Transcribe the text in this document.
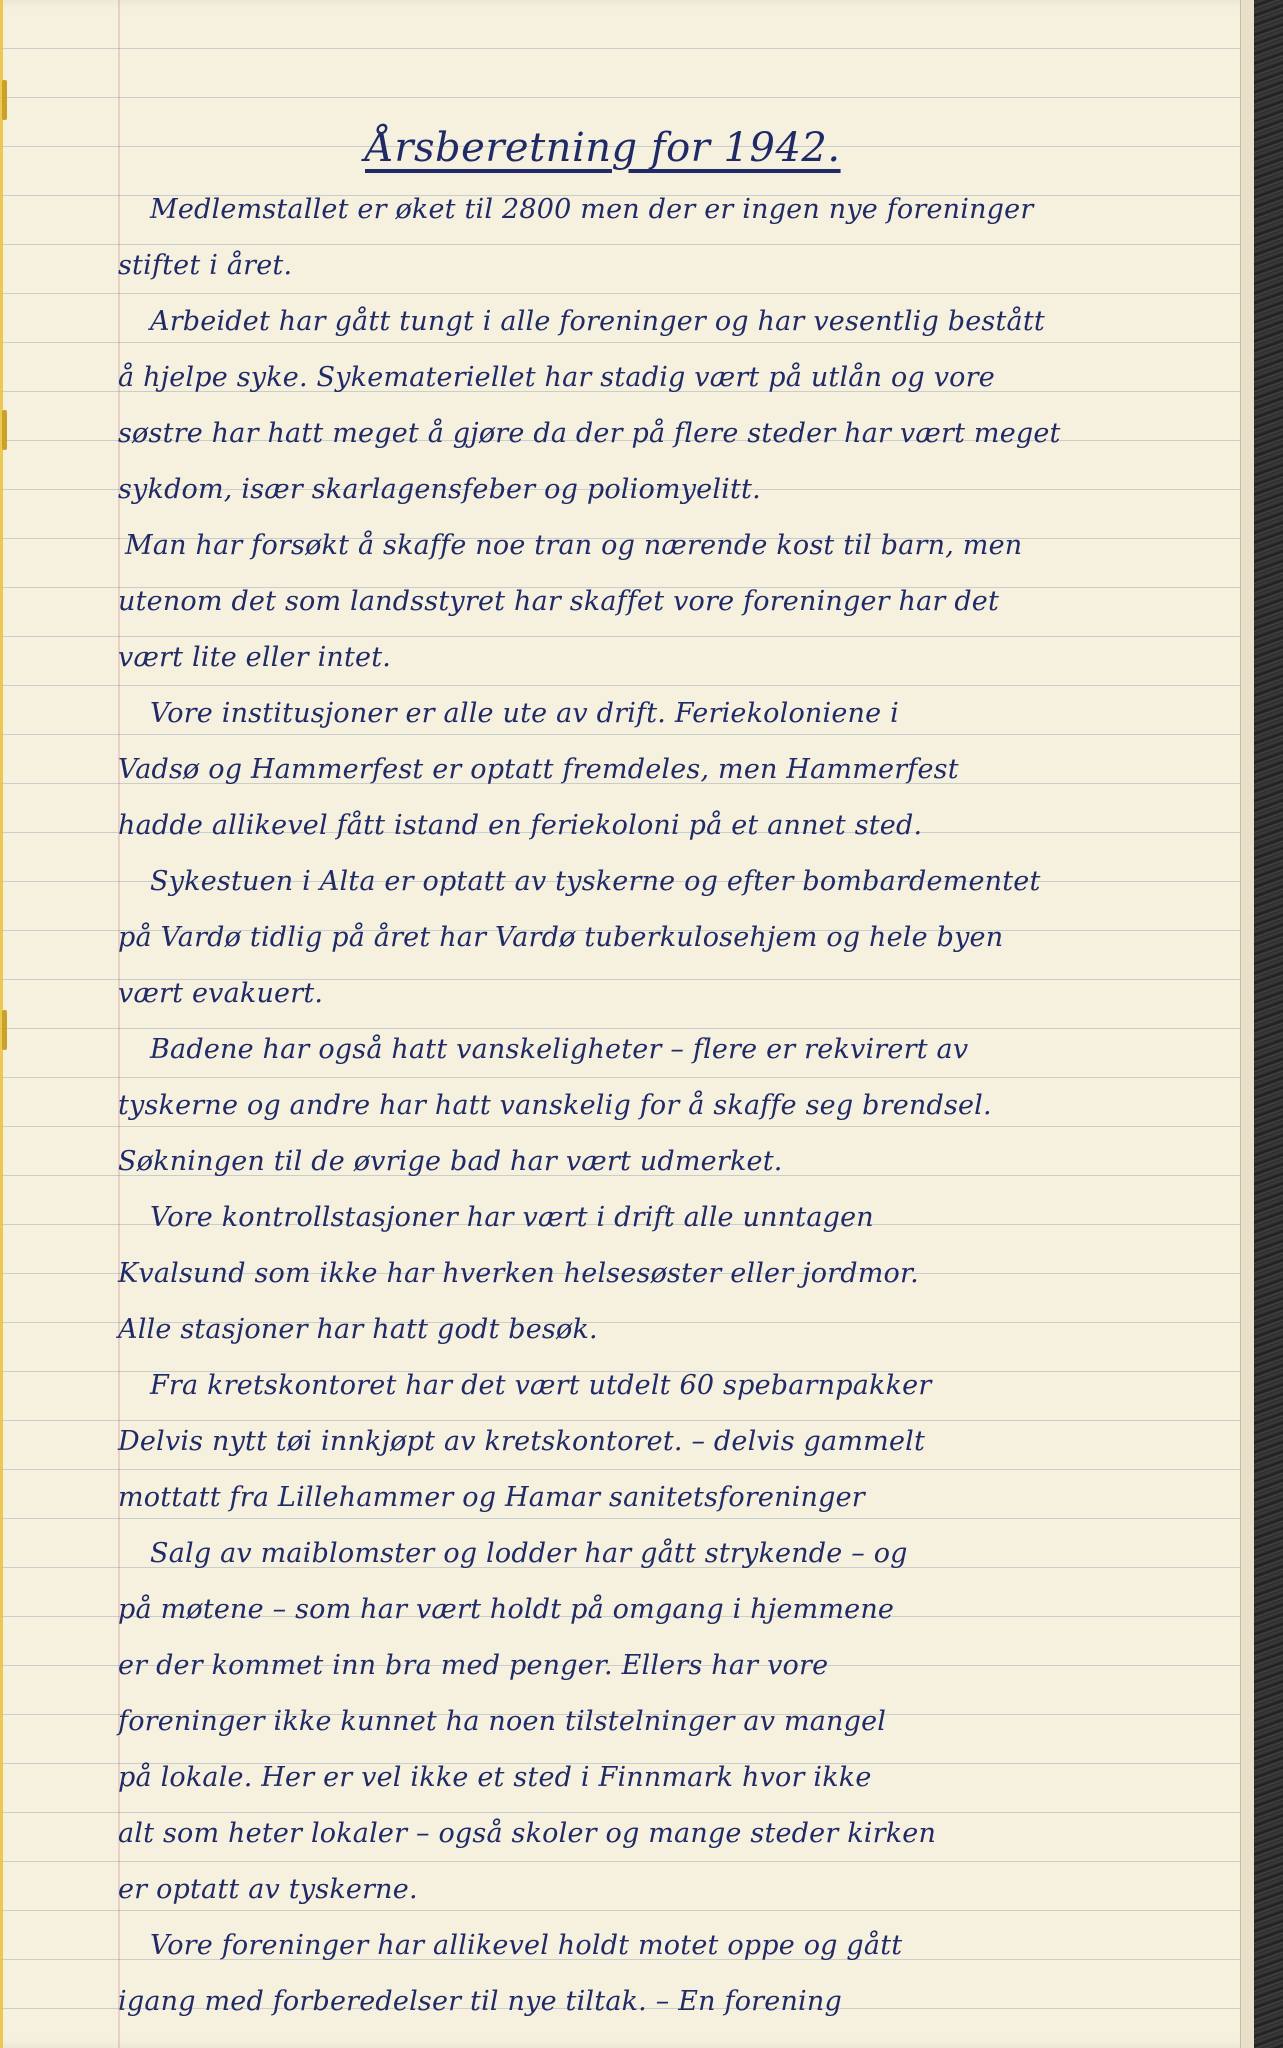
Årsberetning for 1942.
Medlemstallet er øket til 2800 men der er ingen nye foreninger
stiftet i året.
Arbeidet har gått tungt i alle foreninger og har vesentlig bestått
å hjelpe syke. Sykemateriellet har stadig vært på utlån og vore
søstre har hatt meget å gjøre da der på flere steder har vært meget
sykdom, især skarlagensfeber og poliomyelitt.
Man har forsøkt å skaffe noe tran og nærende kost til barn, men
utenom det som landsstyret har skaffet vore foreninger har det
vært lite eller intet.
Vore institusjoner er alle ute av drift. Feriekoloniene i
Vadsø og Hammerfest er optatt fremdeles, men Hammerfest
hadde allikevel fått istand en feriekoloni på et annet sted.
Sykestuen i Alta er optatt av tyskerne og efter bombardementet
på Vardø tidlig på året har Vardø tuberkulosehjem og hele byen
vært evakuert.
Badene har også hatt vanskeligheter – flere er rekvirert av
tyskerne og andre har hatt vanskelig for å skaffe seg brendsel.
Søkningen til de øvrige bad har vært udmerket.
Vore kontrollstasjoner har vært i drift alle unntagen
Kvalsund som ikke har hverken helsesøster eller jordmor.
Alle stasjoner har hatt godt besøk.
Fra kretskontoret har det vært utdelt 60 spebarnpakker
Delvis nytt tøi innkjøpt av kretskontoret. – delvis gammelt
mottatt fra Lillehammer og Hamar sanitetsforeninger
Salg av maiblomster og lodder har gått strykende – og
på møtene – som har vært holdt på omgang i hjemmene
er der kommet inn bra med penger. Ellers har vore
foreninger ikke kunnet ha noen tilstelninger av mangel
på lokale. Her er vel ikke et sted i Finnmark hvor ikke
alt som heter lokaler – også skoler og mange steder kirken
er optatt av tyskerne.
Vore foreninger har allikevel holdt motet oppe og gått
igang med forberedelser til nye tiltak. – En forening
